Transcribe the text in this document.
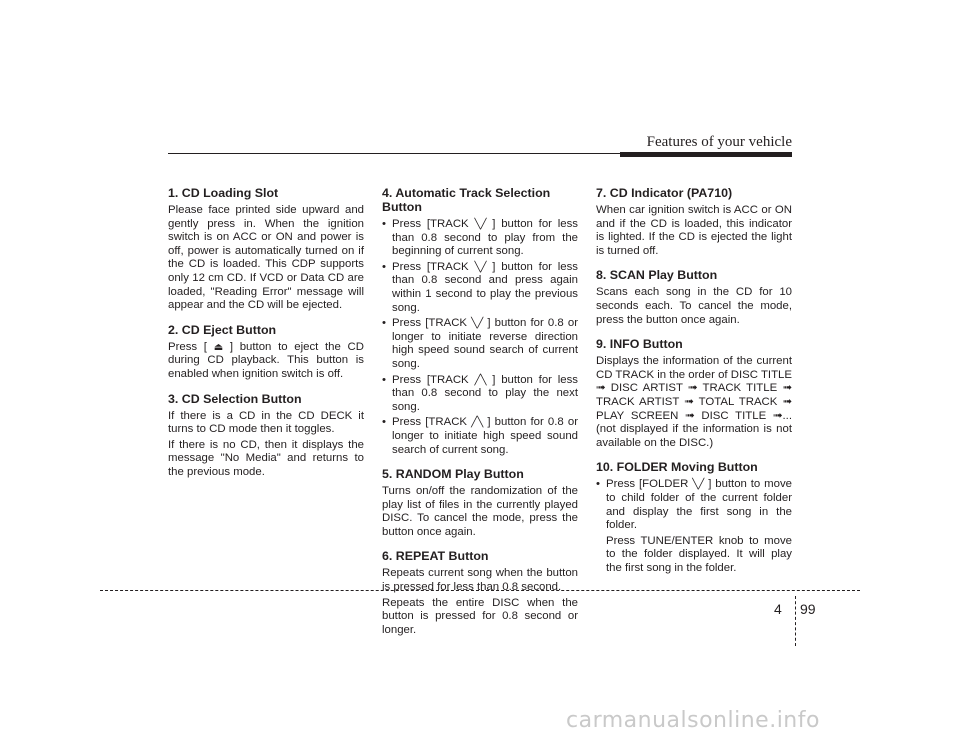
Features of your vehicle
1. CD Loading Slot

Please face printed side upward and gently press in. When the ignition switch is on ACC or ON and power is off, power is automatically turned on if the CD is loaded. This CDP supports only 12 cm CD. If VCD or Data CD are loaded, "Reading Error" message will appear and the CD will be ejected.

2. CD Eject Button

Press [ ⏏ ] button to eject the CD during CD playback. This button is enabled when ignition switch is off.

3. CD Selection Button

If there is a CD in the CD DECK it turns to CD mode then it toggles.

If there is no CD, then it displays the message "No Media" and returns to the previous mode.

4. Automatic Track Selection Button
• Press [TRACK ╲╱ ] button for less than 0.8 second to play from the beginning of current song.
• Press [TRACK ╲╱ ] button for less than 0.8 second and press again within 1 second to play the previous song.
• Press [TRACK ╲╱ ] button for 0.8 or longer to initiate reverse direction high speed sound search of current song.
• Press [TRACK ╱╲ ] button for less than 0.8 second to play the next song.
• Press [TRACK ╱╲ ] button for 0.8 or longer to initiate high speed sound search of current song.
5. RANDOM Play Button

Turns on/off the randomization of the play list of files in the currently played DISC. To cancel the mode, press the button once again.

6. REPEAT Button

Repeats current song when the button is pressed for less than 0.8 second.

Repeats the entire DISC when the button is pressed for 0.8 second or longer.

7. CD Indicator (PA710)

When car ignition switch is ACC or ON and if the CD is loaded, this indicator is lighted. If the CD is ejected the light is turned off.

8. SCAN Play Button

Scans each song in the CD for 10 seconds each. To cancel the mode, press the button once again.

9. INFO Button

Displays the information of the current CD TRACK in the order of DISC TITLE ➟ DISC ARTIST ➟ TRACK TITLE ➟ TRACK ARTIST ➟ TOTAL TRACK ➟ PLAY SCREEN ➟ DISC TITLE ➟... (not displayed if the information is not available on the DISC.)

10. FOLDER Moving Button
• Press [FOLDER ╲╱ ] button to move to child folder of the current folder and display the first song in the folder.

Press TUNE/ENTER knob to move to the folder displayed. It will play the first song in the folder.

4 99
carmanualsonline.info
